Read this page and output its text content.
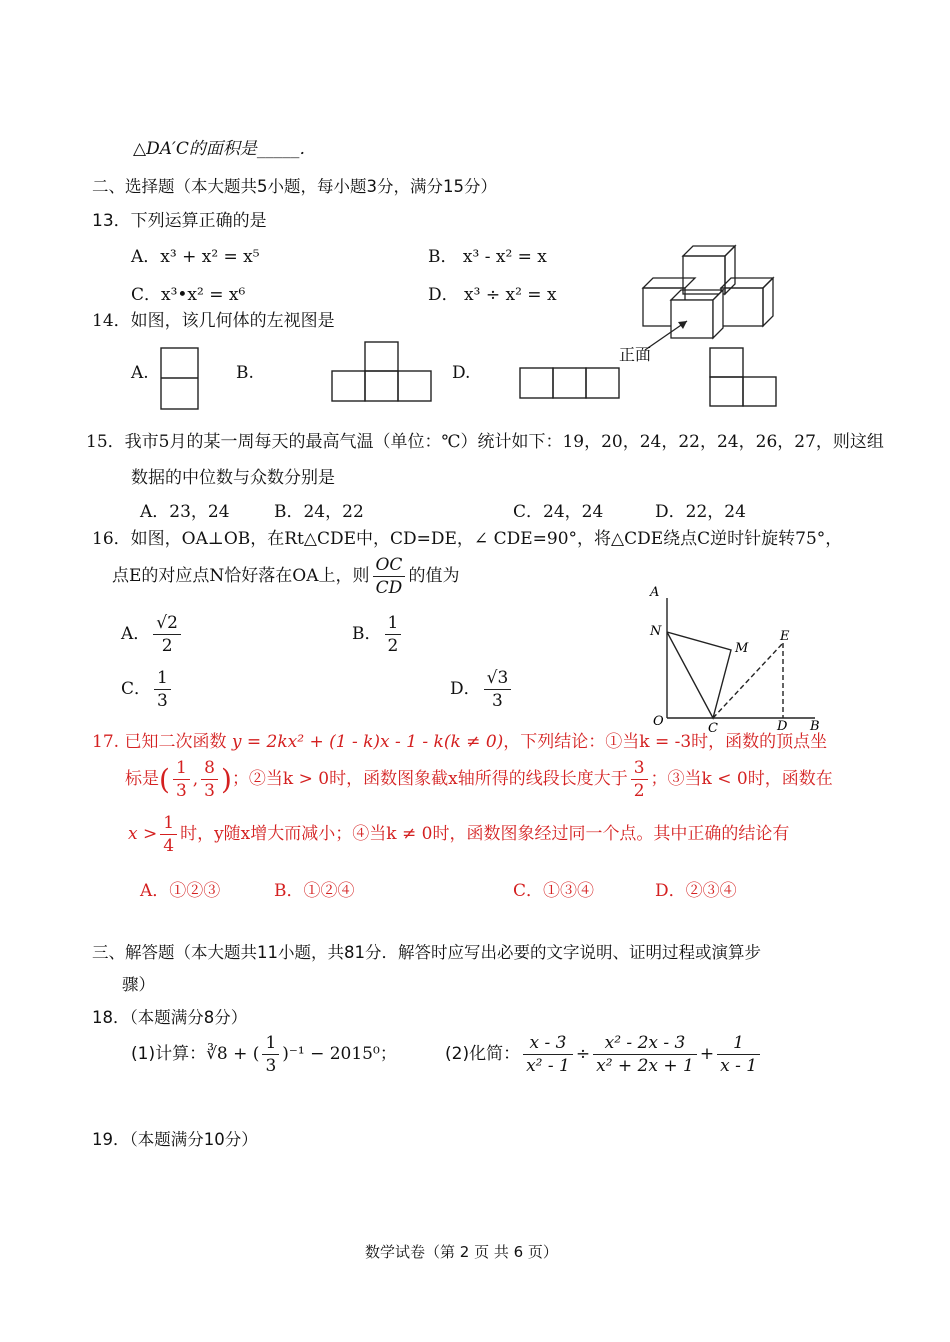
△DA′C的面积是_____．
二、选择题（本大题共5小题，每小题3分，满分15分）
13．下列运算正确的是
A．x³ + x² = x⁵	B． x³ - x² = x
C．x³•x² = x⁶	D． x³ ÷ x² = x
14．如图，该几何体的左视图是
A.	B.	D.
正面
15．我市5月的某一周每天的最高气温（单位：℃）统计如下：19，20，24，22，24，26，27，则这组
数据的中位数与众数分别是
A．23，24	B．24，22	C．24，24	D．22，24
16．如图，OA⊥OB，在Rt△CDE中，CD=DE，∠ CDE=90°，将△CDE绕点C逆时针旋转75°，
点E的对应点N恰好落在OA上，则 $\frac{OC}{CD}$ 的值为
A． $\frac{√2}{2}$	B． $\frac{1}{2}$
C． $\frac{1}{3}$	D． $\frac{√3}{3}$
A
N
M
E
O	C	D B
17. 已知二次函数 y = 2kx² + (1 - k)x - 1 - k(k ≠ 0)，下列结论：①当k = -3时，函数的顶点坐
标是( $\frac{1}{3}$ , $\frac{8}{3}$ )；②当k > 0时，函数图象截x轴所得的线段长度大于 $\frac{3}{2}$ ；③当k < 0时，函数在
$x > \frac{1}{4}$ 时，y随x增大而减小；④当k ≠ 0时，函数图象经过同一个点。其中正确的结论有
A．①②③	B．①②④	C．①③④	D．②③④
三、解答题（本大题共11小题，共81分．解答时应写出必要的文字说明、证明过程或演算步
骤）
18．（本题满分8分）
(1)计算：∛8 + ( $\frac{1}{3} )^{-1} - 2015^0$；	(2)化简： $\frac{x - 3}{\text{x² - 1}} \div \frac{\text{x² - 2x - 3}}{\text{x² + 2x + 1}} + \frac{1}{x - 1}$
19．（本题满分10分）
数学试卷（第 2 页 共 6 页）
